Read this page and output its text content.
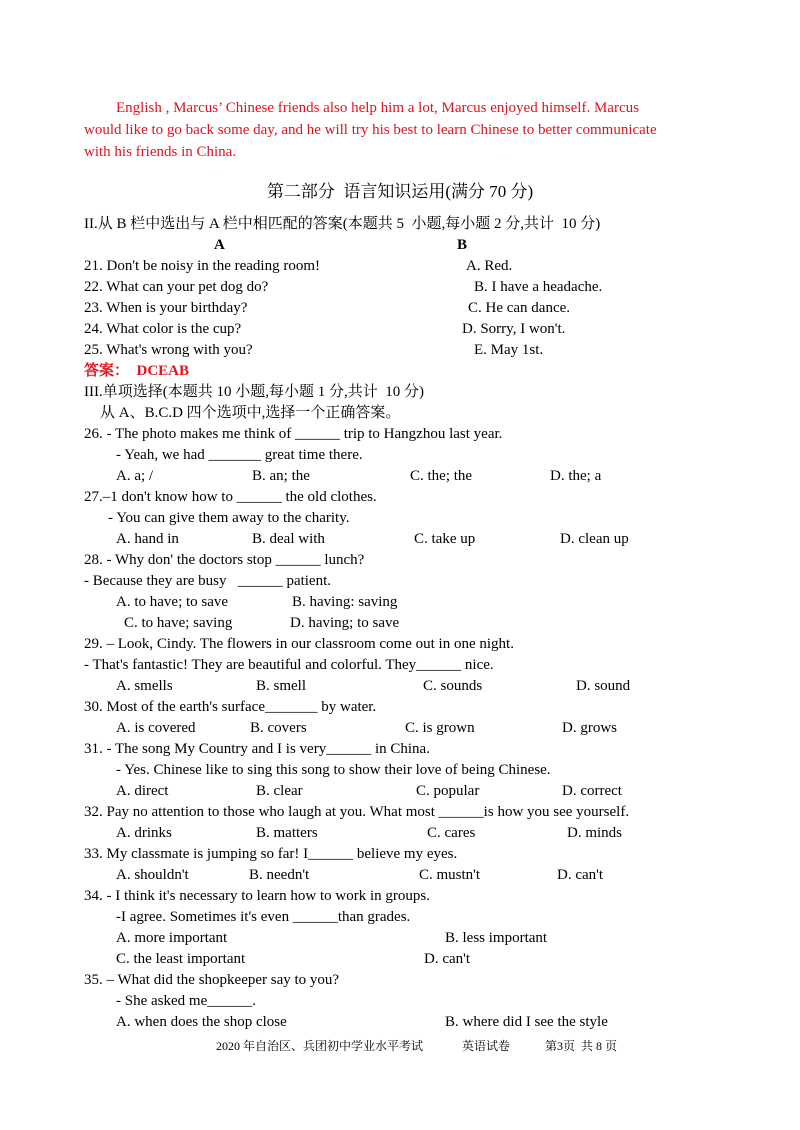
English , Marcus’ Chinese friends also help him a lot, Marcus enjoyed himself. Marcus
would like to go back some day, and he will try his best to learn Chinese to better communicate
with his friends in China.
第二部分  语言知识运用(满分 70 分)
II.从 B 栏中选出与 A 栏中相匹配的答案(本题共 5  小题,每小题 2 分,共计  10 分)
A	B
21. Don't be noisy in the reading room!	A. Red.
22. What can your pet dog do?	B. I have a headache.
23. When is your birthday?	C. He can dance.
24. What color is the cup?	D. Sorry, I won't.
25. What's wrong with you?	E. May 1st.
答案：  DCEAB
III.单项选择(本题共 10 小题,每小题 1 分,共计  10 分)
从 A、B.C.D 四个选项中,选择一个正确答案。
26. - The photo makes me think of ______ trip to Hangzhou last year.
- Yeah, we had _______ great time there.
A. a; /	B. an; the	C. the; the	D. the; a
27.–1 don't know how to ______ the old clothes.
- You can give them away to the charity.
A. hand in	B. deal with	C. take up	D. clean up
28. - Why don' the doctors stop ______ lunch?
- Because they are busy   ______ patient.
A. to have; to save	B. having: saving
C. to have; saving	D. having; to save
29. – Look, Cindy. The flowers in our classroom come out in one night.
- That's fantastic! They are beautiful and colorful. They______ nice.
A. smells	B. smell	C. sounds	D. sound
30. Most of the earth's surface_______ by water.
A. is covered	B. covers	C. is grown	D. grows
31. - The song My Country and I is very______ in China.
- Yes. Chinese like to sing this song to show their love of being Chinese.
A. direct	B. clear	C. popular	D. correct
32. Pay no attention to those who laugh at you. What most ______is how you see yourself.
A. drinks	B. matters	C. cares	D. minds
33. My classmate is jumping so far! I______ believe my eyes.
A. shouldn't	B. needn't	C. mustn't	D. can't
34. - I think it's necessary to learn how to work in groups.
-I agree. Sometimes it's even ______than grades.
A. more important	B. less important
C. the least important	D. can't
35. – What did the shopkeeper say to you?
- She asked me______.
A. when does the shop close	B. where did I see the style
2020 年自治区、兵团初中学业水平考试	英语试卷	第3页  共 8 页
